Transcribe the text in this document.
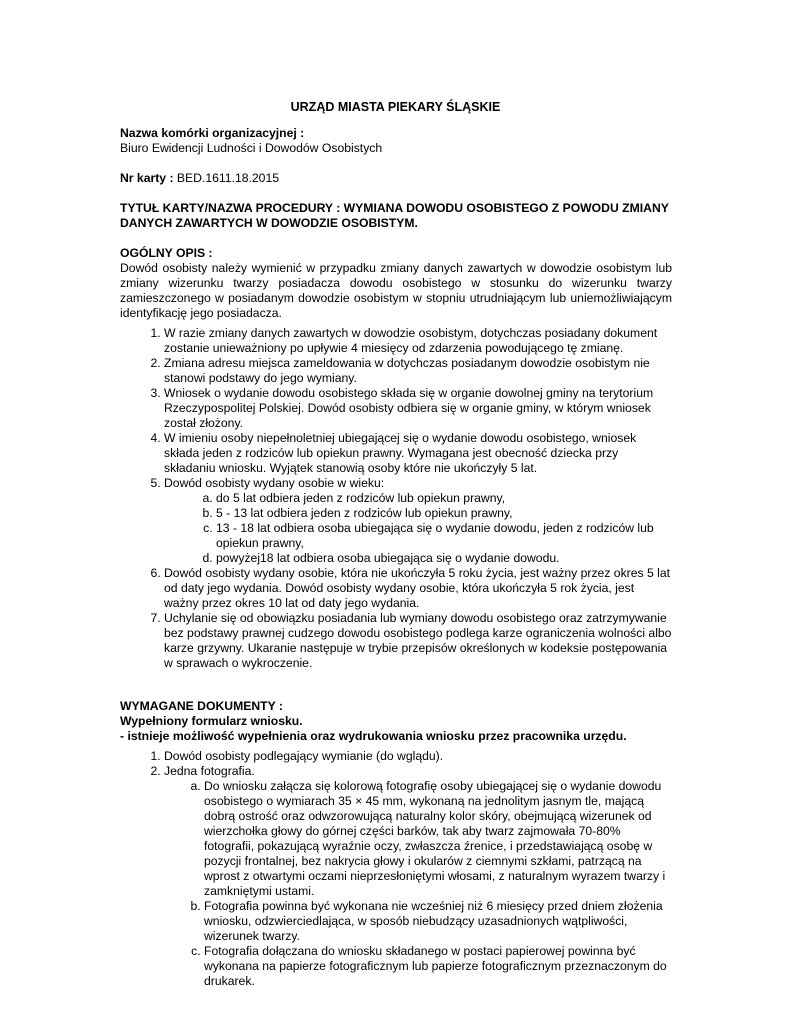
URZĄD MIASTA PIEKARY ŚLĄSKIE

Nazwa komórki organizacyjnej :

Biuro Ewidencji Ludności i Dowodów Osobistych

Nr karty : BED.1611.18.2015

TYTUŁ KARTY/NAZWA PROCEDURY : WYMIANA DOWODU OSOBISTEGO Z POWODU ZMIANY DANYCH ZAWARTYCH W DOWODZIE OSOBISTYM.

OGÓLNY OPIS :

Dowód osobisty należy wymienić w przypadku zmiany danych zawartych w dowodzie osobistym lub zmiany wizerunku twarzy posiadacza dowodu osobistego w stosunku do wizerunku twarzy zamieszczonego w posiadanym dowodzie osobistym w stopniu utrudniającym lub uniemożliwiającym identyfikację jego posiadacza.

1. W razie zmiany danych zawartych w dowodzie osobistym, dotychczas posiadany dokument zostanie unieważniony po upływie 4 miesięcy od zdarzenia powodującego tę zmianę.
2. Zmiana adresu miejsca zameldowania w dotychczas posiadanym dowodzie osobistym nie stanowi podstawy do jego wymiany.
3. Wniosek o wydanie dowodu osobistego składa się w organie dowolnej gminy na terytorium Rzeczypospolitej Polskiej. Dowód osobisty odbiera się w organie gminy, w którym wniosek został złożony.
4. W imieniu osoby niepełnoletniej ubiegającej się o wydanie dowodu osobistego, wniosek składa jeden z rodziców lub opiekun prawny. Wymagana jest obecność dziecka przy składaniu wniosku. Wyjątek stanowią osoby które nie ukończyły 5 lat.
5. Dowód osobisty wydany osobie w wieku:
a. do 5 lat odbiera jeden z rodziców lub opiekun prawny,
b. 5 - 13 lat odbiera jeden z rodziców lub opiekun prawny,
c. 13 - 18 lat odbiera osoba ubiegająca się o wydanie dowodu, jeden z rodziców lub opiekun prawny,
d. powyżej18 lat odbiera osoba ubiegająca się o wydanie dowodu.
6. Dowód osobisty wydany osobie, która nie ukończyła 5 roku życia, jest ważny przez okres 5 lat od daty jego wydania. Dowód osobisty wydany osobie, która ukończyła 5 rok życia, jest ważny przez okres 10 lat od daty jego wydania.
7. Uchylanie się od obowiązku posiadania lub wymiany dowodu osobistego oraz zatrzymywanie bez podstawy prawnej cudzego dowodu osobistego podlega karze ograniczenia wolności albo karze grzywny. Ukaranie następuje w trybie przepisów określonych w kodeksie postępowania w sprawach o wykroczenie.

WYMAGANE DOKUMENTY :

Wypełniony formularz wniosku.

- istnieje możliwość wypełnienia oraz wydrukowania wniosku przez pracownika urzędu.

1. Dowód osobisty podlegający wymianie (do wglądu).
2. Jedna fotografia.
a. Do wniosku załącza się kolorową fotografię osoby ubiegającej się o wydanie dowodu osobistego o wymiarach 35 × 45 mm, wykonaną na jednolitym jasnym tle, mającą dobrą ostrość oraz odwzorowującą naturalny kolor skóry, obejmującą wizerunek od wierzchołka głowy do górnej części barków, tak aby twarz zajmowała 70-80% fotografii, pokazującą wyraźnie oczy, zwłaszcza źrenice, i przedstawiającą osobę w pozycji frontalnej, bez nakrycia głowy i okularów z ciemnymi szkłami, patrzącą na wprost z otwartymi oczami nieprzesłoniętymi włosami, z naturalnym wyrazem twarzy i zamkniętymi ustami.
b. Fotografia powinna być wykonana nie wcześniej niż 6 miesięcy przed dniem złożenia wniosku, odzwierciedlająca, w sposób niebudzący uzasadnionych wątpliwości, wizerunek twarzy.
c. Fotografia dołączana do wniosku składanego w postaci papierowej powinna być wykonana na papierze fotograficznym lub papierze fotograficznym przeznaczonym do drukarek.
